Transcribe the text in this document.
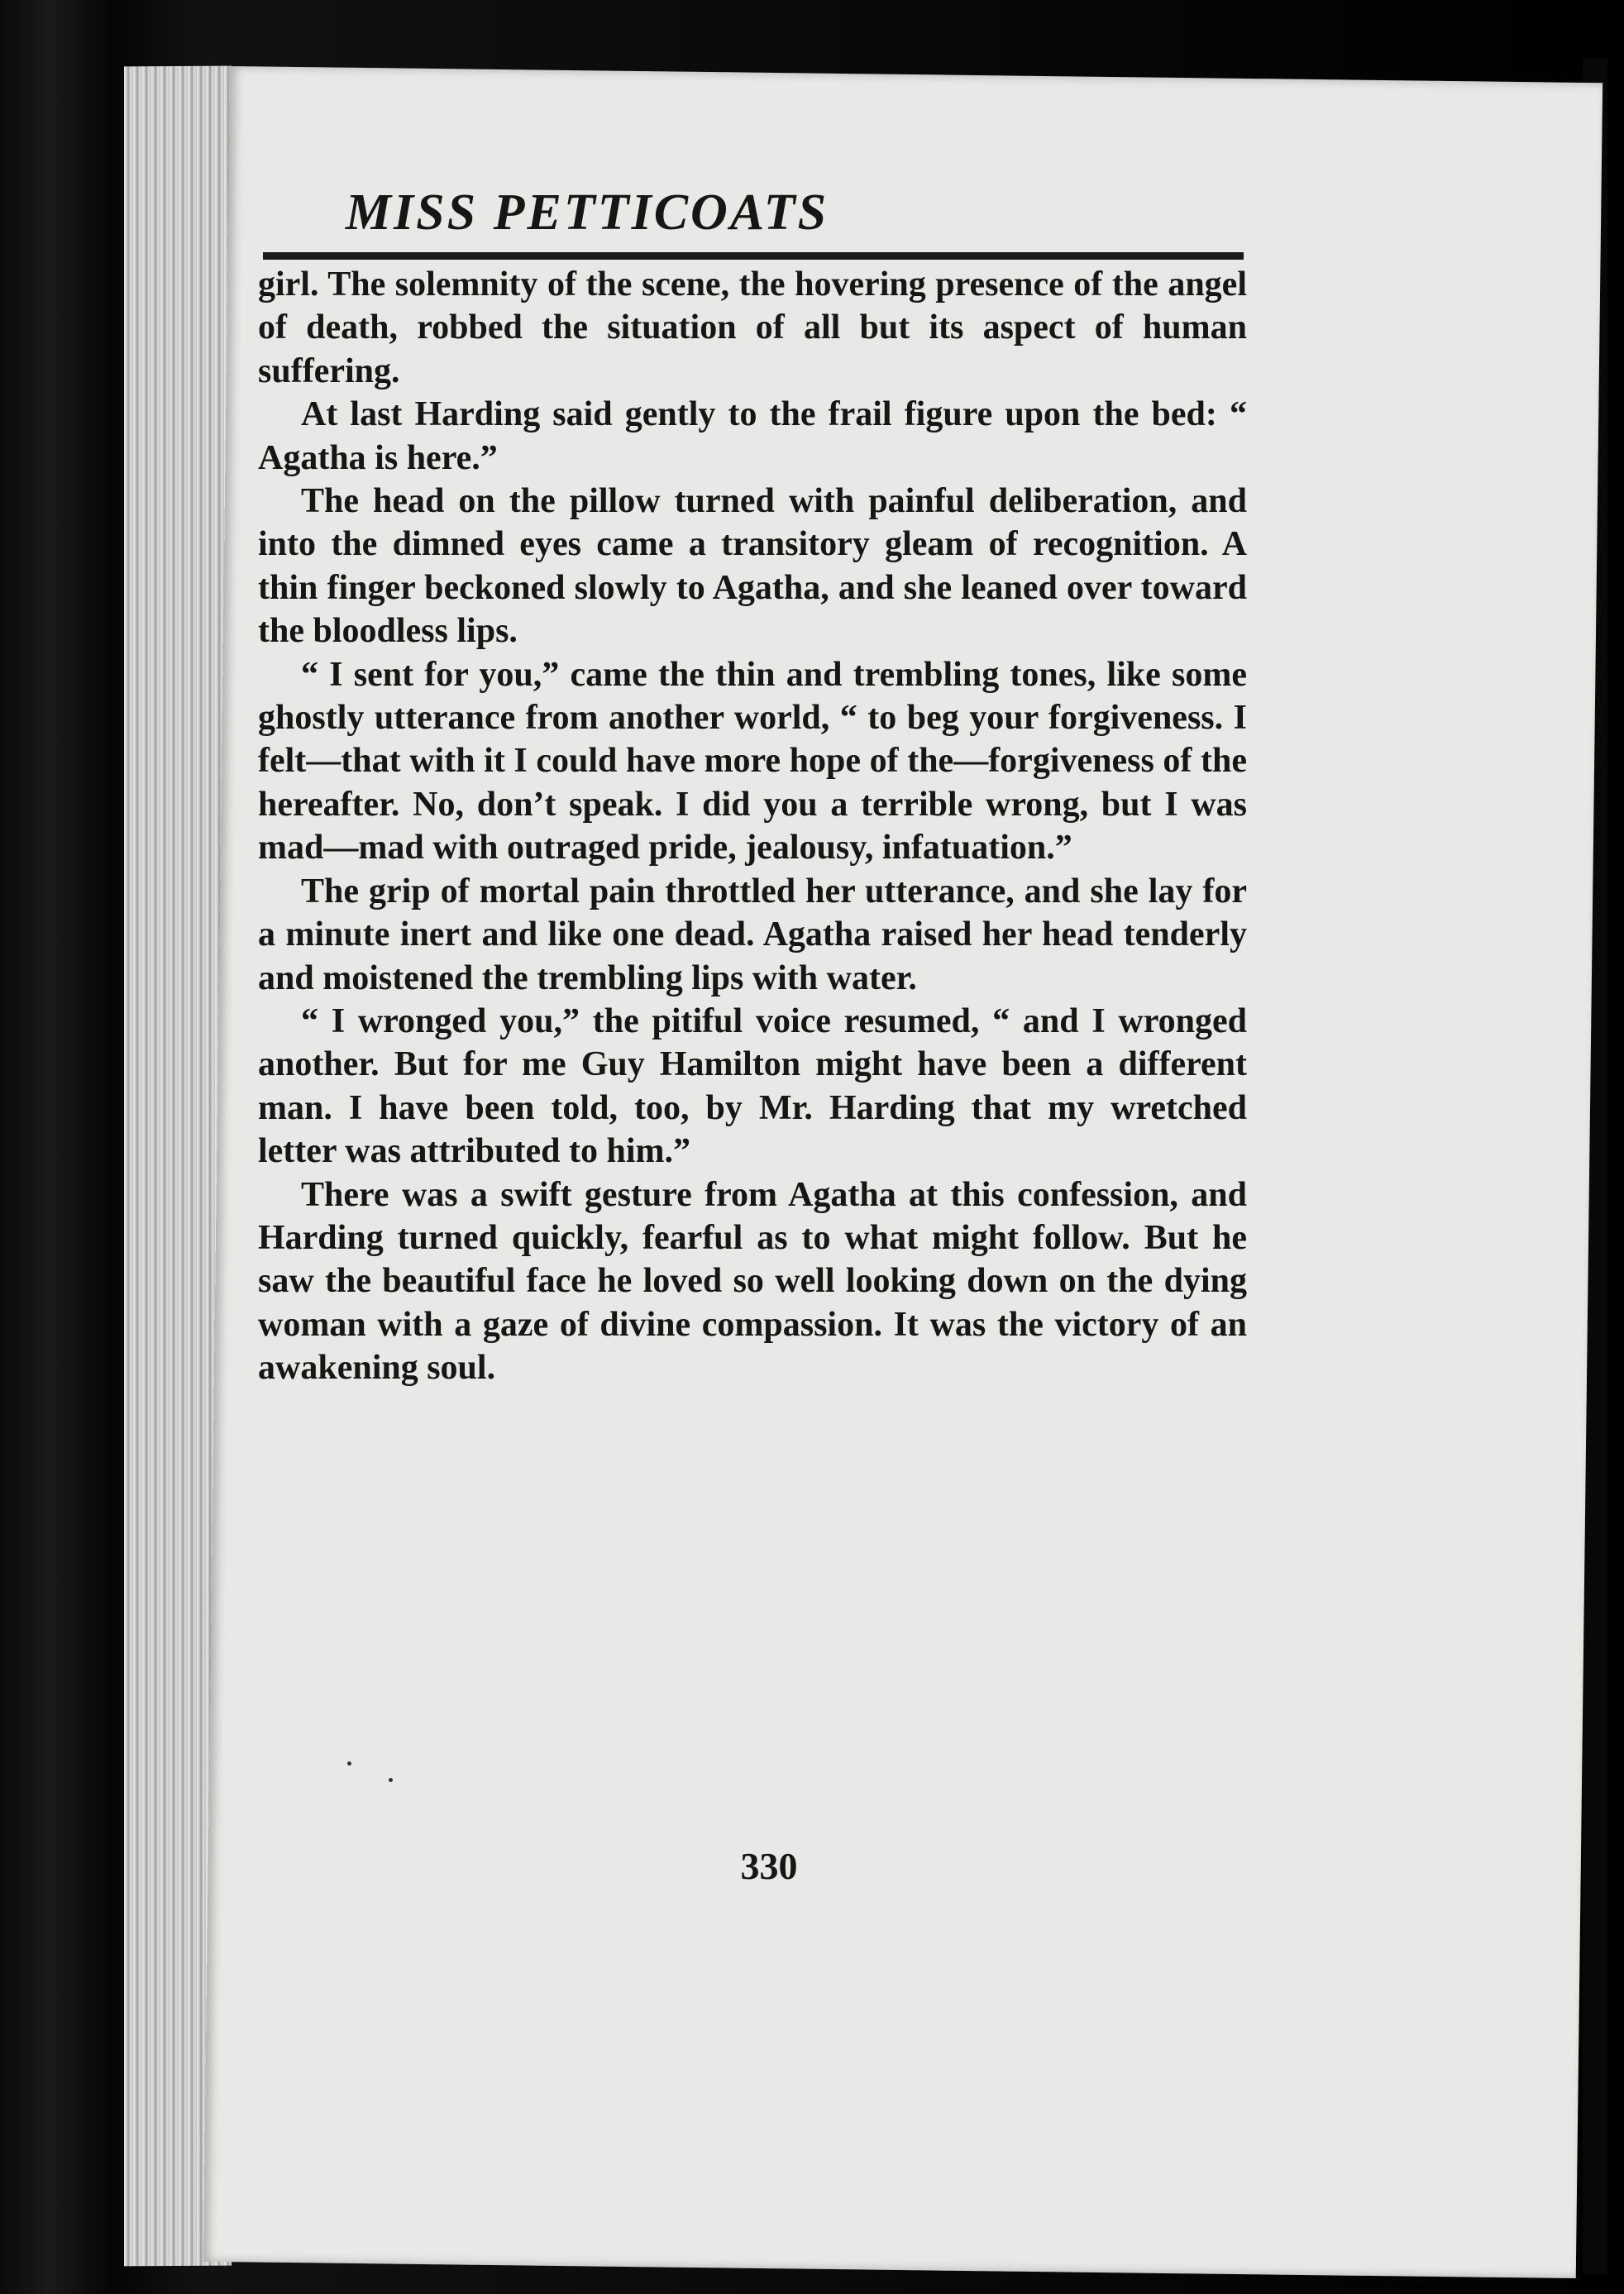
MISS PETTICOATS

girl. The solemnity of the scene, the hovering presence of the angel of death, robbed the situation of all but its aspect of human suffering.

At last Harding said gently to the frail figure upon the bed: “ Agatha is here.”

The head on the pillow turned with painful deliberation, and into the dimned eyes came a transitory gleam of recognition. A thin finger beckoned slowly to Agatha, and she leaned over toward the bloodless lips.

“ I sent for you,” came the thin and trembling tones, like some ghostly utterance from another world, “ to beg your forgiveness. I felt—that with it I could have more hope of the—forgiveness of the hereafter. No, don’t speak. I did you a terrible wrong, but I was mad—mad with outraged pride, jealousy, infatuation.”

The grip of mortal pain throttled her utterance, and she lay for a minute inert and like one dead. Agatha raised her head tenderly and moistened the trembling lips with water.

“ I wronged you,” the pitiful voice resumed, “ and I wronged another. But for me Guy Hamilton might have been a different man. I have been told, too, by Mr. Harding that my wretched letter was attributed to him.”

There was a swift gesture from Agatha at this confession, and Harding turned quickly, fearful as to what might follow. But he saw the beautiful face he loved so well looking down on the dying woman with a gaze of divine compassion. It was the victory of an awakening soul.

330
